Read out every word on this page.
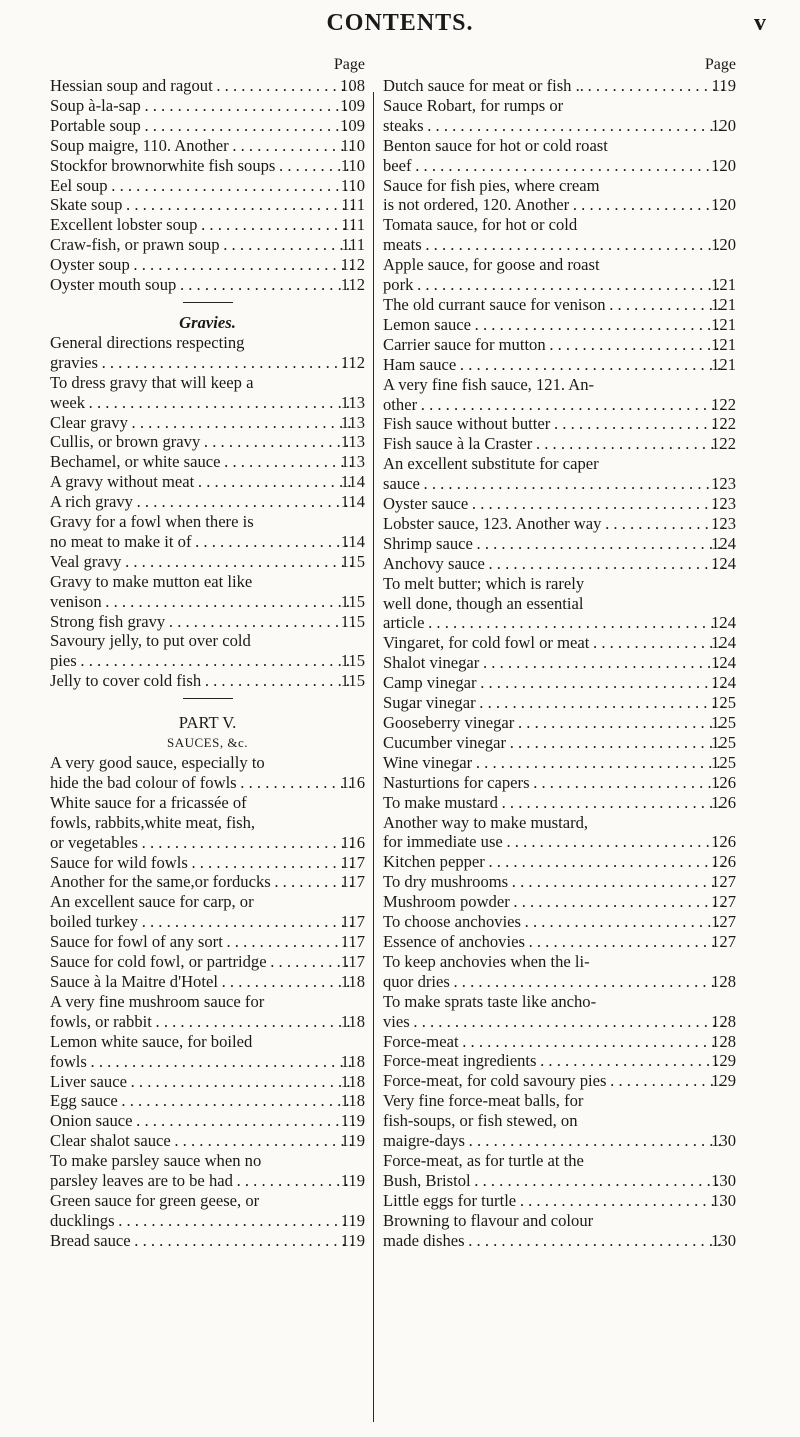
CONTENTS.	v
Page
Hessian soup and ragout . . .	108
Soup à-la-sap . . .	109
Portable soup . . .	109
Soup maigre, 110. Another . . .	110
Stockfor brownorwhite fish soups . . .	110
Eel soup . . .	110
Skate soup . . .	111
Excellent lobster soup . . .	111
Craw-fish, or prawn soup . . .	111
Oyster soup . . .	112
Oyster mouth soup . . .	112
Gravies.
General directions respecting
gravies . . .	112
To dress gravy that will keep a
week . . .	113
Clear gravy . . .	113
Cullis, or brown gravy . . .	113
Bechamel, or white sauce . . .	113
A gravy without meat . . .	114
A rich gravy . . .	114
Gravy for a fowl when there is
no meat to make it of . . .	114
Veal gravy . . .	115
Gravy to make mutton eat like
venison . . .	115
Strong fish gravy . . .	115
Savoury jelly, to put over cold
pies . . .	115
Jelly to cover cold fish . . .	115
PART V.
SAUCES, &c.
A very good sauce, especially to
hide the bad colour of fowls . . .	116
White sauce for a fricassée of
fowls, rabbits,white meat, fish,
or vegetables . . .	116
Sauce for wild fowls . . .	117
Another for the same,or forducks . . .	117
An excellent sauce for carp, or
boiled turkey . . .	117
Sauce for fowl of any sort . . .	117
Sauce for cold fowl, or partridge . . .	117
Sauce à la Maitre d'Hotel . . .	118
A very fine mushroom sauce for
fowls, or rabbit . . .	118
Lemon white sauce, for boiled
fowls . . .	118
Liver sauce . . .	118
Egg sauce . . .	118
Onion sauce . . .	119
Clear shalot sauce . . .	119
To make parsley sauce when no
parsley leaves are to be had . . .	119
Green sauce for green geese, or
ducklings . . .	119
Bread sauce . . .	119
Page
Dutch sauce for meat or fish .. . . .	119
Sauce Robart, for rumps or
steaks . . .	120
Benton sauce for hot or cold roast
beef . . .	120
Sauce for fish pies, where cream
is not ordered, 120. Another . . .	120
Tomata sauce, for hot or cold
meats . . .	120
Apple sauce, for goose and roast
pork . . .	121
The old currant sauce for venison . . .	121
Lemon sauce . . .	121
Carrier sauce for mutton . . .	121
Ham sauce . . .	121
A very fine fish sauce, 121. An-
other . . .	122
Fish sauce without butter . . .	122
Fish sauce à la Craster . . .	122
An excellent substitute for caper
sauce . . .	123
Oyster sauce . . .	123
Lobster sauce, 123. Another way . . .	123
Shrimp sauce . . .	124
Anchovy sauce . . .	124
To melt butter; which is rarely
well done, though an essential
article . . .	124
Vingaret, for cold fowl or meat . . .	124
Shalot vinegar . . .	124
Camp vinegar . . .	124
Sugar vinegar . . .	125
Gooseberry vinegar . . .	125
Cucumber vinegar . . .	125
Wine vinegar . . .	125
Nasturtions for capers . . .	126
To make mustard . . .	126
Another way to make mustard,
for immediate use . . .	126
Kitchen pepper . . .	126
To dry mushrooms . . .	127
Mushroom powder . . .	127
To choose anchovies . . .	127
Essence of anchovies . . .	127
To keep anchovies when the li-
quor dries . . .	128
To make sprats taste like ancho-
vies . . .	128
Force-meat . . .	128
Force-meat ingredients . . .	129
Force-meat, for cold savoury pies . . .	129
Very fine force-meat balls, for
fish-soups, or fish stewed, on
maigre-days . . .	130
Force-meat, as for turtle at the
Bush, Bristol . . .	130
Little eggs for turtle . . .	130
Browning to flavour and colour
made dishes . . .	130
